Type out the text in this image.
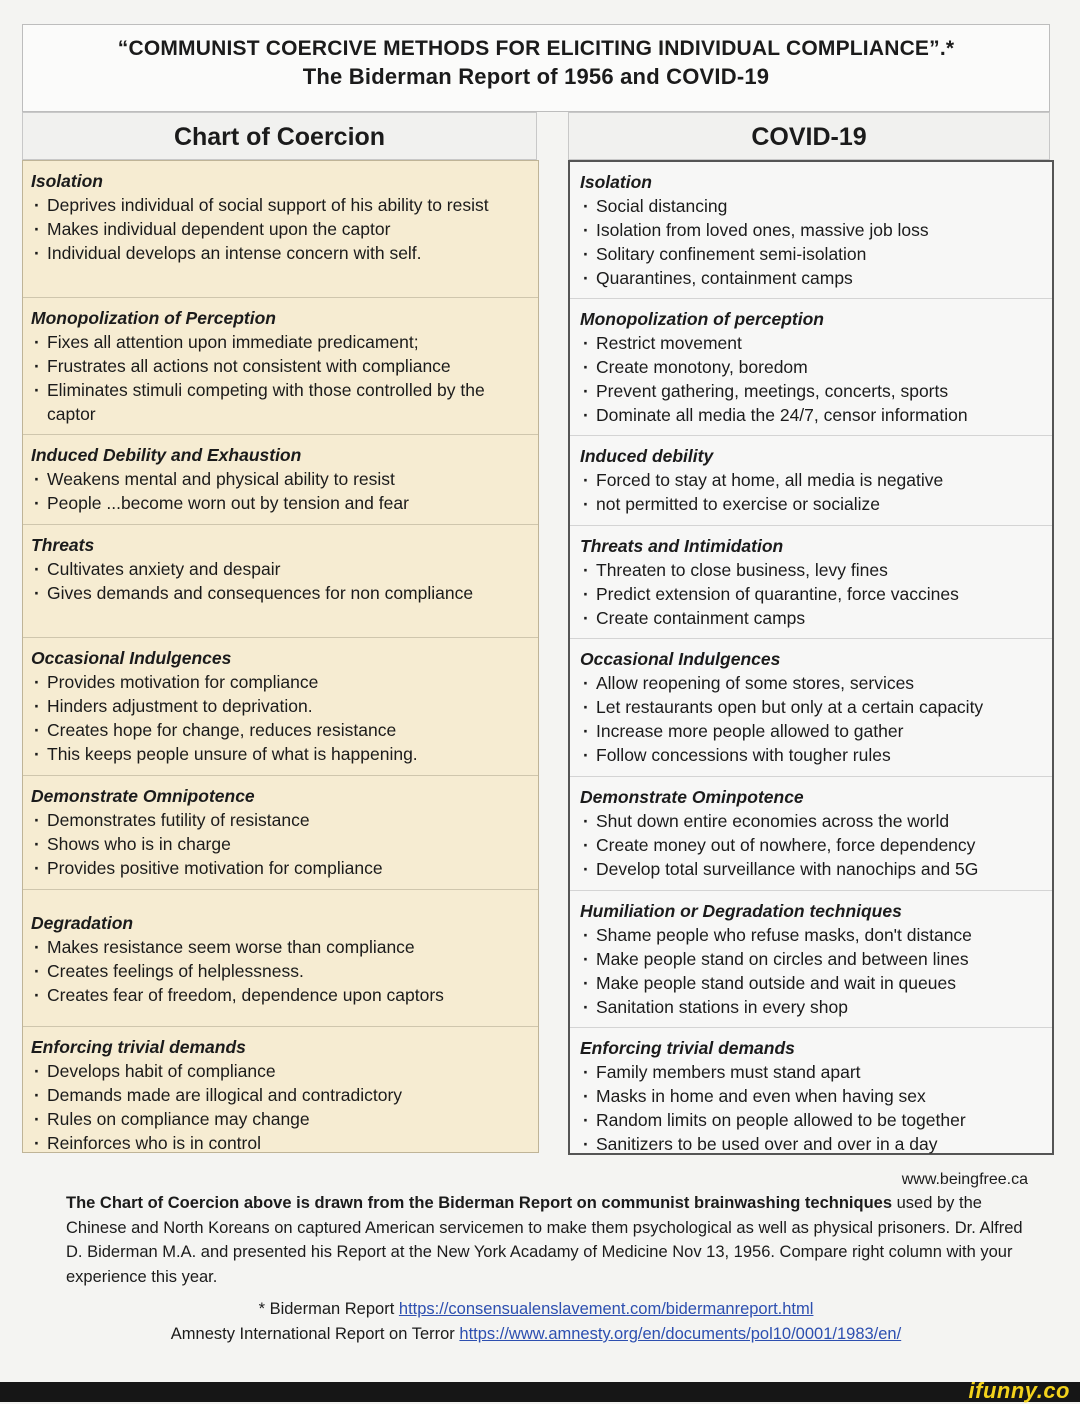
“COMMUNIST COERCIVE METHODS FOR ELICITING INDIVIDUAL COMPLIANCE”.*
The Biderman Report of 1956 and COVID-19
Chart of Coercion	COVID-19
Isolation
· Deprives individual of social support of his ability to resist
· Makes individual dependent upon the captor
· Individual develops an intense concern with self.
Monopolization of Perception
· Fixes all attention upon immediate predicament;
· Frustrates all actions not consistent with compliance
· Eliminates stimuli competing with those controlled by the captor
Induced Debility and Exhaustion
· Weakens mental and physical ability to resist
· People ...become worn out by tension and fear
Threats
· Cultivates anxiety and despair
· Gives demands and consequences for non compliance
Occasional Indulgences
· Provides motivation for compliance
· Hinders adjustment to deprivation.
· Creates hope for change, reduces resistance
· This keeps people unsure of what is happening.
Demonstrate Omnipotence
· Demonstrates futility of resistance
· Shows who is in charge
· Provides positive motivation for compliance
Degradation
· Makes resistance seem worse than compliance
· Creates feelings of helplessness.
· Creates fear of freedom, dependence upon captors
Enforcing trivial demands
· Develops habit of compliance
· Demands made are illogical and contradictory
· Rules on compliance may change
· Reinforces who is in control
Isolation
· Social distancing
· Isolation from loved ones, massive job loss
· Solitary confinement semi-isolation
· Quarantines, containment camps
Monopolization of perception
· Restrict movement
· Create monotony, boredom
· Prevent gathering, meetings, concerts, sports
· Dominate all media the 24/7, censor information
Induced debility
· Forced to stay at home, all media is negative
· not permitted to exercise or socialize
Threats and Intimidation
· Threaten to close business, levy fines
· Predict extension of quarantine, force vaccines
· Create containment camps
Occasional Indulgences
· Allow reopening of some stores, services
· Let restaurants open but only at a certain capacity
· Increase more people allowed to gather
· Follow concessions with tougher rules
Demonstrate Ominpotence
· Shut down entire economies across the world
· Create money out of nowhere, force dependency
· Develop total surveillance with nanochips and 5G
Humiliation or Degradation techniques
· Shame people who refuse masks, don't distance
· Make people stand on circles and between lines
· Make people stand outside and wait in queues
· Sanitation stations in every shop
Enforcing trivial demands
· Family members must stand apart
· Masks in home and even when having sex
· Random limits on people allowed to be together
· Sanitizers to be used over and over in a day
www.beingfree.ca

The Chart of Coercion above is drawn from the Biderman Report on communist brainwashing techniques used by the Chinese and North Koreans on captured American servicemen to make them psychological as well as physical prisoners. Dr. Alfred D. Biderman M.A. and presented his Report at the New York Acadamy of Medicine Nov 13, 1956. Compare right column with your experience this year.

* Biderman Report https://consensualenslavement.com/bidermanreport.html
Amnesty International Report on Terror https://www.amnesty.org/en/documents/pol10/0001/1983/en/
ifunny.co
